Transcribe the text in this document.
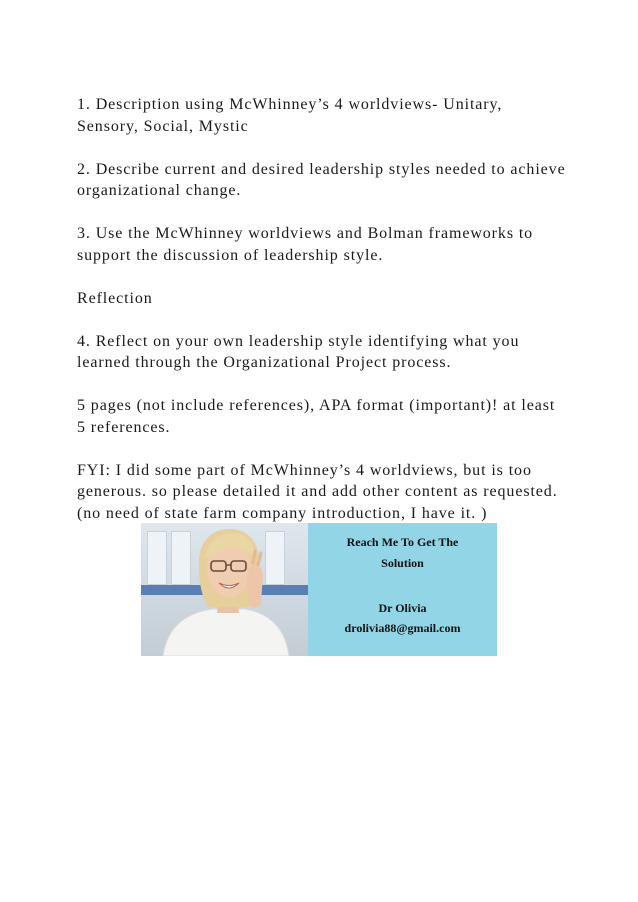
1. Description using McWhinney’s 4 worldviews- Unitary, Sensory, Social, Mystic

2. Describe current and desired leadership styles needed to achieve organizational change.

3. Use the McWhinney worldviews and Bolman frameworks to support the discussion of leadership style.

Reflection

4. Reflect on your own leadership style identifying what you learned through the Organizational Project process.

5 pages (not include references), APA format (important)! at least 5 references.

FYI: I did some part of McWhinney’s 4 worldviews, but is too generous. so please detailed it and add other content as requested. (no need of state farm company introduction, I have it. )

Reach Me To Get The
Solution
Dr Olivia
drolivia88@gmail.com
